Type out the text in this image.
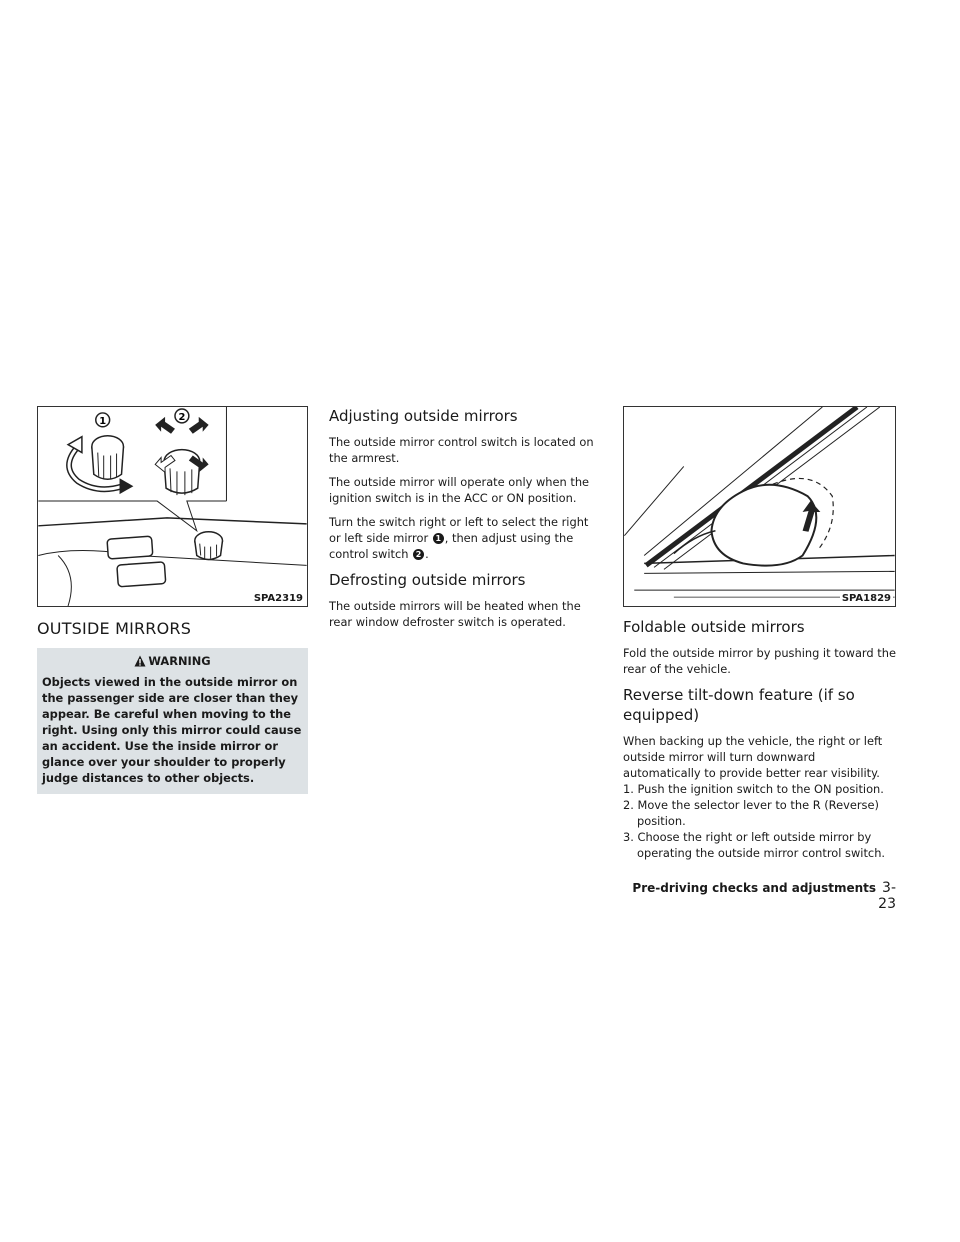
1	2
SPA2319
OUTSIDE MIRRORS
WARNING

Objects viewed in the outside mirror on the passenger side are closer than they appear. Be careful when moving to the right. Using only this mirror could cause an accident. Use the inside mirror or glance over your shoulder to properly judge distances to other objects.

Adjusting outside mirrors

The outside mirror control switch is located on the armrest.

The outside mirror will operate only when the ignition switch is in the ACC or ON position.

Turn the switch right or left to select the right or left side mirror 1 , then adjust using the control switch 2 .

Defrosting outside mirrors

The outside mirrors will be heated when the rear window defroster switch is operated.

SPA1829
Foldable outside mirrors

Fold the outside mirror by pushing it toward the rear of the vehicle.

Reverse tilt-down feature (if so equipped)

When backing up the vehicle, the right or left outside mirror will turn downward automatically to provide better rear visibility.

1. Push the ignition switch to the ON position.
2. Move the selector lever to the R (Reverse) position.
3. Choose the right or left outside mirror by operating the outside mirror control switch.
Pre-driving checks and adjustments 3-23
